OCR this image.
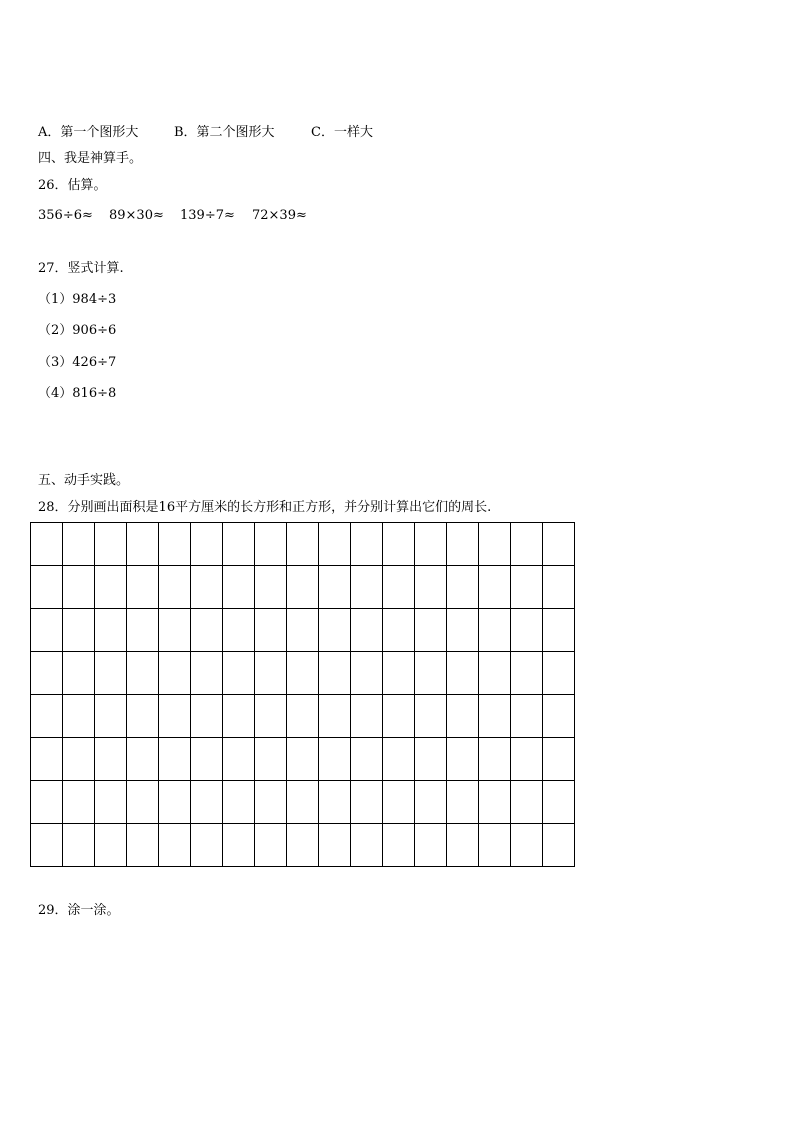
A．第一个图形大	B．第二个图形大	C．一样大
四、我是神算手。
26．估算。
356÷6≈ 89×30≈ 139÷7≈ 72×39≈
27．竖式计算.
（1）984÷3
（2）906÷6
（3）426÷7
（4）816÷8
五、动手实践。
28．分别画出面积是16平方厘米的长方形和正方形，并分别计算出它们的周长.

29．涂一涂。
